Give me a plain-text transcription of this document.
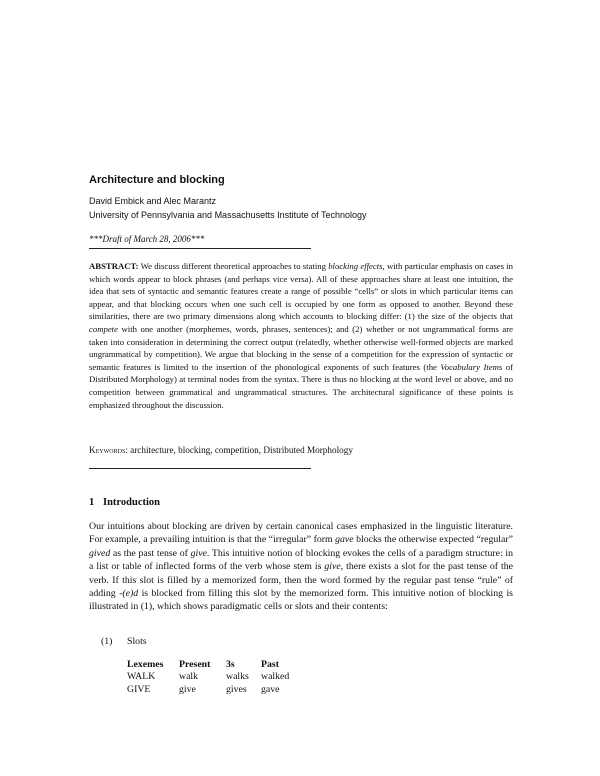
Architecture and blocking
David Embick and Alec Marantz
University of Pennsylvania and Massachusetts Institute of Technology
***Draft of March 28, 2006***
ABSTRACT: We discuss different theoretical approaches to stating blocking effects, with particular emphasis on cases in which words appear to block phrases (and perhaps vice versa). All of these approaches share at least one intuition, the idea that sets of syntactic and semantic features create a range of possible “cells” or slots in which particular items can appear, and that blocking occurs when one such cell is occupied by one form as opposed to another. Beyond these similarities, there are two primary dimensions along which accounts to blocking differ: (1) the size of the objects that compete with one another (morphemes, words, phrases, sentences); and (2) whether or not ungrammatical forms are taken into consideration in determining the correct output (relatedly, whether otherwise well-formed objects are marked ungrammatical by competition). We argue that blocking in the sense of a competition for the expression of syntactic or semantic features is limited to the insertion of the phonological exponents of such features (the Vocabulary Items of Distributed Morphology) at terminal nodes from the syntax. There is thus no blocking at the word level or above, and no competition between grammatical and ungrammatical structures. The architectural significance of these points is emphasized throughout the discussion.
Keywords: architecture, blocking, competition, Distributed Morphology
1 Introduction
Our intuitions about blocking are driven by certain canonical cases emphasized in the linguistic literature. For example, a prevailing intuition is that the “irregular” form gave blocks the otherwise expected “regular” gived as the past tense of give. This intuitive notion of blocking evokes the cells of a paradigm structure: in a list or table of inflected forms of the verb whose stem is give, there exists a slot for the past tense of the verb. If this slot is filled by a memorized form, then the word formed by the regular past tense “rule” of adding -(e)d is blocked from filling this slot by the memorized form. This intuitive notion of blocking is illustrated in (1), which shows paradigmatic cells or slots and their contents:
(1) Slots
Lexemes	Present	3s	Past
WALK	walk	walks	walked
GIVE	give	gives	gave
